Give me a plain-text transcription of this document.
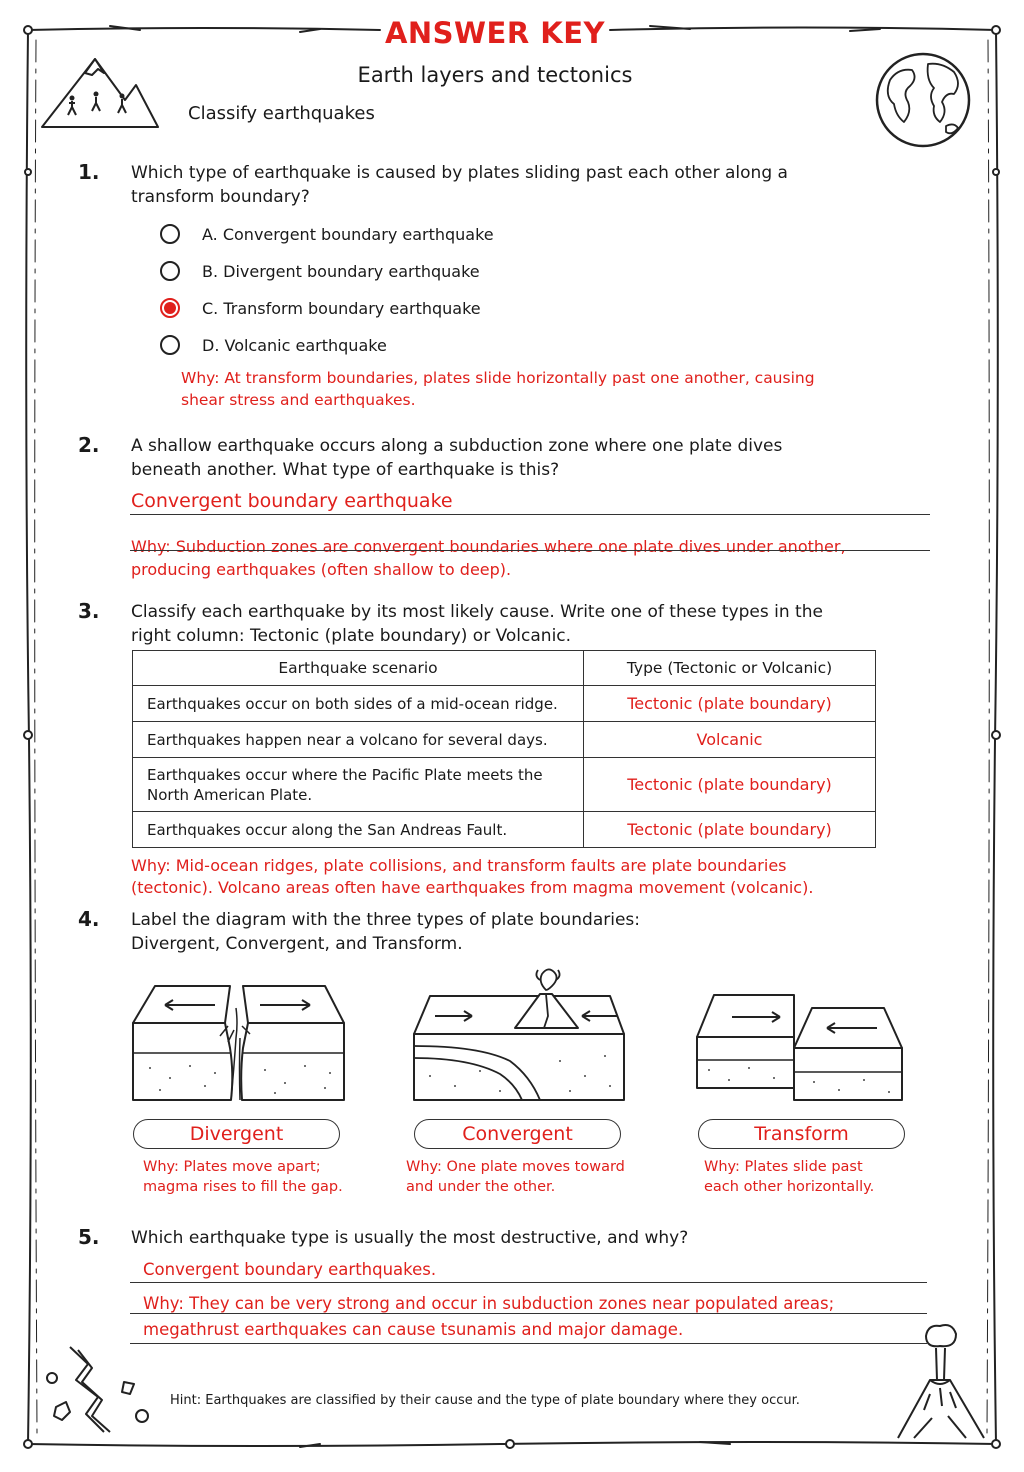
ANSWER KEY
Earth layers and tectonics
Classify earthquakes
1. Which type of earthquake is caused by plates sliding past each other along a transform boundary?
A. Convergent boundary earthquake
B. Divergent boundary earthquake
C. Transform boundary earthquake
D. Volcanic earthquake
Why: At transform boundaries, plates slide horizontally past one another, causing
shear stress and earthquakes.
2. A shallow earthquake occurs along a subduction zone where one plate dives beneath another. What type of earthquake is this?
Convergent boundary earthquake
Why: Subduction zones are convergent boundaries where one plate dives under another,
producing earthquakes (often shallow to deep).
3. Classify each earthquake by its most likely cause. Write one of these types in the right column: Tectonic (plate boundary) or Volcanic.
Earthquake scenario	Type (Tectonic or Volcanic)
Earthquakes occur on both sides of a mid-ocean ridge.	Tectonic (plate boundary)
Earthquakes happen near a volcano for several days.	Volcanic
Earthquakes occur where the Pacific Plate meets the North American Plate.	Tectonic (plate boundary)
Earthquakes occur along the San Andreas Fault.	Tectonic (plate boundary)
Why: Mid-ocean ridges, plate collisions, and transform faults are plate boundaries
(tectonic). Volcano areas often have earthquakes from magma movement (volcanic).
4. Label the diagram with the three types of plate boundaries:
Divergent, Convergent, and Transform.
Divergent	Convergent	Transform
Why: Plates move apart;
magma rises to fill the gap.
Why: One plate moves toward
and under the other.
Why: Plates slide past
each other horizontally.
5. Which earthquake type is usually the most destructive, and why?
Convergent boundary earthquakes.
Why: They can be very strong and occur in subduction zones near populated areas;
megathrust earthquakes can cause tsunamis and major damage.
Hint: Earthquakes are classified by their cause and the type of plate boundary where they occur.
